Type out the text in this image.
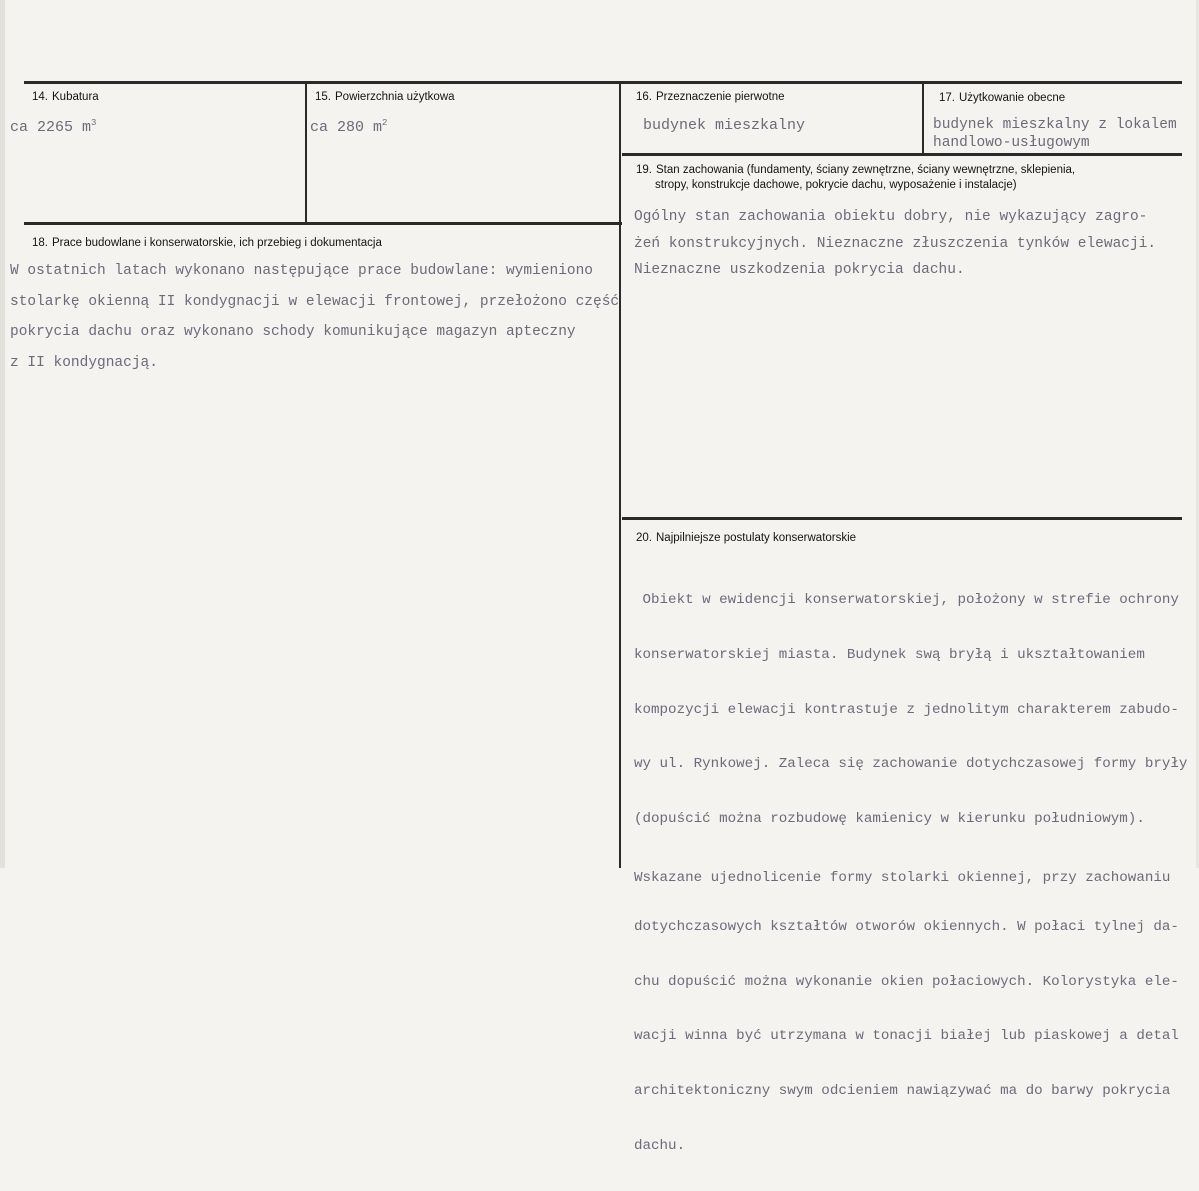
14. Kubatura
ca 2265 $m^3$
15. Powierzchnia użytkowa
ca 280 $m^2$
16. Przeznaczenie pierwotne
budynek mieszkalny
17. Użytkowanie obecne
budynek mieszkalny z lokalem
handlowo-usługowym
19. Stan zachowania (fundamenty, ściany zewnętrzne, ściany wewnętrzne, sklepienia,
stropy, konstrukcje dachowe, pokrycie dachu, wyposażenie i instalacje)
Ogólny stan zachowania obiektu dobry, nie wykazujący zagro-
żeń konstrukcyjnych. Nieznaczne złuszczenia tynków elewacji.
Nieznaczne uszkodzenia pokrycia dachu.
18. Prace budowlane i konserwatorskie, ich przebieg i dokumentacja
W ostatnich latach wykonano następujące prace budowlane: wymieniono
stolarkę okienną II kondygnacji w elewacji frontowej, przełożono część
pokrycia dachu oraz wykonano schody komunikujące magazyn apteczny
z II kondygnacją.
20. Najpilniejsze postulaty konserwatorskie

Obiekt w ewidencji konserwatorskiej, położony w strefie ochrony

konserwatorskiej miasta. Budynek swą bryłą i ukształtowaniem

kompozycji elewacji kontrastuje z jednolitym charakterem zabudo-

wy ul. Rynkowej. Zaleca się zachowanie dotychczasowej formy bryły

(dopuścić można rozbudowę kamienicy w kierunku południowym).

Wskazane ujednolicenie formy stolarki okiennej, przy zachowaniu

dotychczasowych kształtów otworów okiennych. W połaci tylnej da-

chu dopuścić można wykonanie okien połaciowych. Kolorystyka ele-

wacji winna być utrzymana w tonacji białej lub piaskowej a detal

architektoniczny swym odcieniem nawiązywać ma do barwy pokrycia

dachu.
